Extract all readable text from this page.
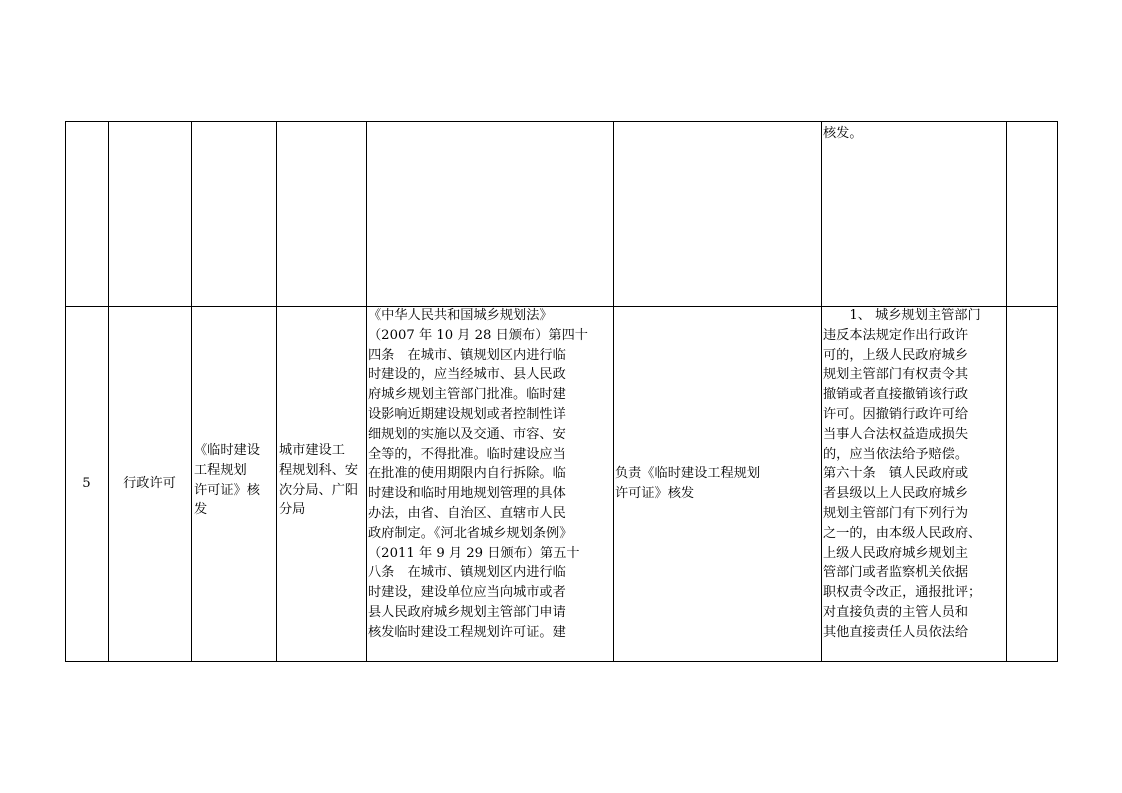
核发。
5	行政许可
《临时建设
工程规划
许可证》核
发
城市建设工
程规划科、安
次分局、广阳
分局
《中华人民共和国城乡规划法》
（2007 年 10 月 28 日颁布）第四十
四条　在城市、镇规划区内进行临
时建设的，应当经城市、县人民政
府城乡规划主管部门批准。临时建
设影响近期建设规划或者控制性详
细规划的实施以及交通、市容、安
全等的，不得批准。临时建设应当
在批准的使用期限内自行拆除。临
时建设和临时用地规划管理的具体
办法，由省、自治区、直辖市人民
政府制定。《河北省城乡规划条例》
（2011 年 9 月 29 日颁布）第五十
八条　在城市、镇规划区内进行临
时建设，建设单位应当向城市或者
县人民政府城乡规划主管部门申请
核发临时建设工程规划许可证。建
负责《临时建设工程规划
许可证》核发
　　1、 城乡规划主管部门
违反本法规定作出行政许
可的，上级人民政府城乡
规划主管部门有权责令其
撤销或者直接撤销该行政
许可。因撤销行政许可给
当事人合法权益造成损失
的，应当依法给予赔偿。
第六十条　镇人民政府或
者县级以上人民政府城乡
规划主管部门有下列行为
之一的，由本级人民政府、
上级人民政府城乡规划主
管部门或者监察机关依据
职权责令改正，通报批评；
对直接负责的主管人员和
其他直接责任人员依法给
